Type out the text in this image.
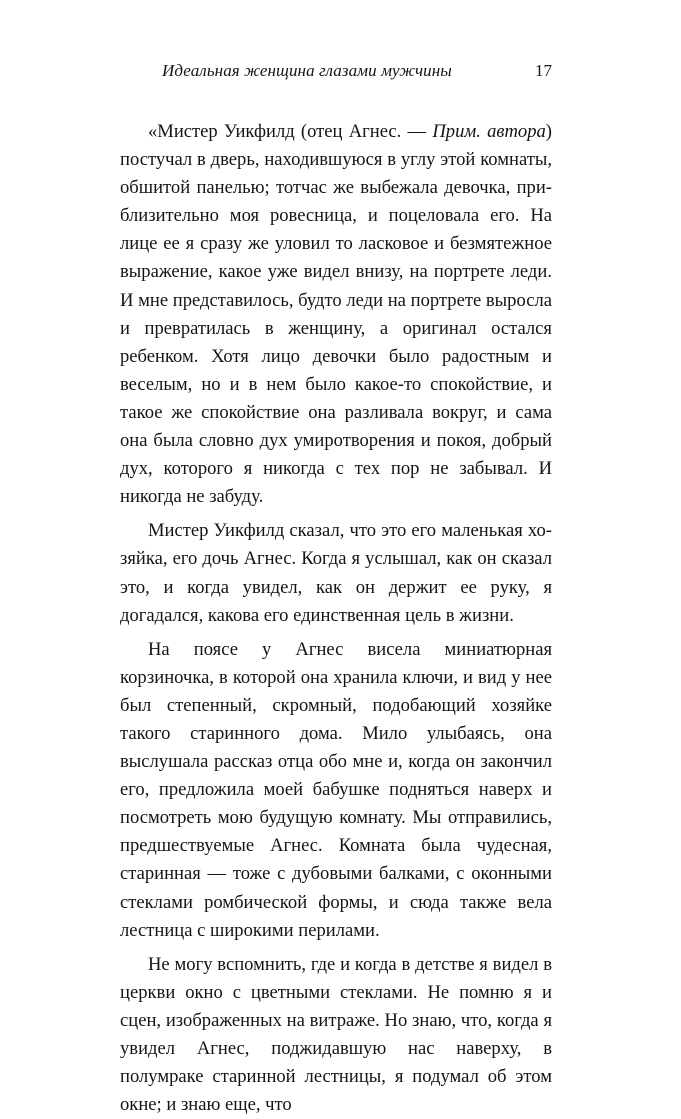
Идеальная женщина глазами мужчины	17

«Мистер Уикфилд (отец Агнес. — Прим. автора) постучал в дверь, находившуюся в углу этой комнаты, обшитой панелью; тотчас же выбежала девочка, приблизительно моя ровесница, и поцеловала его. На лице ее я сразу же уловил то ласковое и безмятежное выражение, какое уже видел внизу, на портрете леди. И мне представилось, будто леди на портрете выросла и превратилась в женщину, а оригинал остался ребенком. Хотя лицо девочки было радостным и веселым, но и в нем было какое-то спокойствие, и такое же спокойствие она разливала вокруг, и сама она была словно дух умиротворения и покоя, добрый дух, которого я никогда с тех пор не забывал. И никогда не забуду.

Мистер Уикфилд сказал, что это его маленькая хозяйка, его дочь Агнес. Когда я услышал, как он сказал это, и когда увидел, как он держит ее руку, я догадался, какова его единственная цель в жизни.

На поясе у Агнес висела миниатюрная корзиночка, в которой она хранила ключи, и вид у нее был степенный, скромный, подобающий хозяйке такого старинного дома. Мило улыбаясь, она выслушала рассказ отца обо мне и, когда он закончил его, предложила моей бабушке подняться наверх и посмотреть мою будущую комнату. Мы отправились, предшествуемые Агнес. Комната была чудесная, старинная — тоже с дубовыми балками, с оконными стеклами ромбической формы, и сюда также вела лестница с широкими перилами.

Не могу вспомнить, где и когда в детстве я видел в церкви окно с цветными стеклами. Не помню я и сцен, изображенных на витраже. Но знаю, что, когда я увидел Агнес, поджидавшую нас наверху, в полумраке старинной лестницы, я подумал об этом окне; и знаю еще, что
